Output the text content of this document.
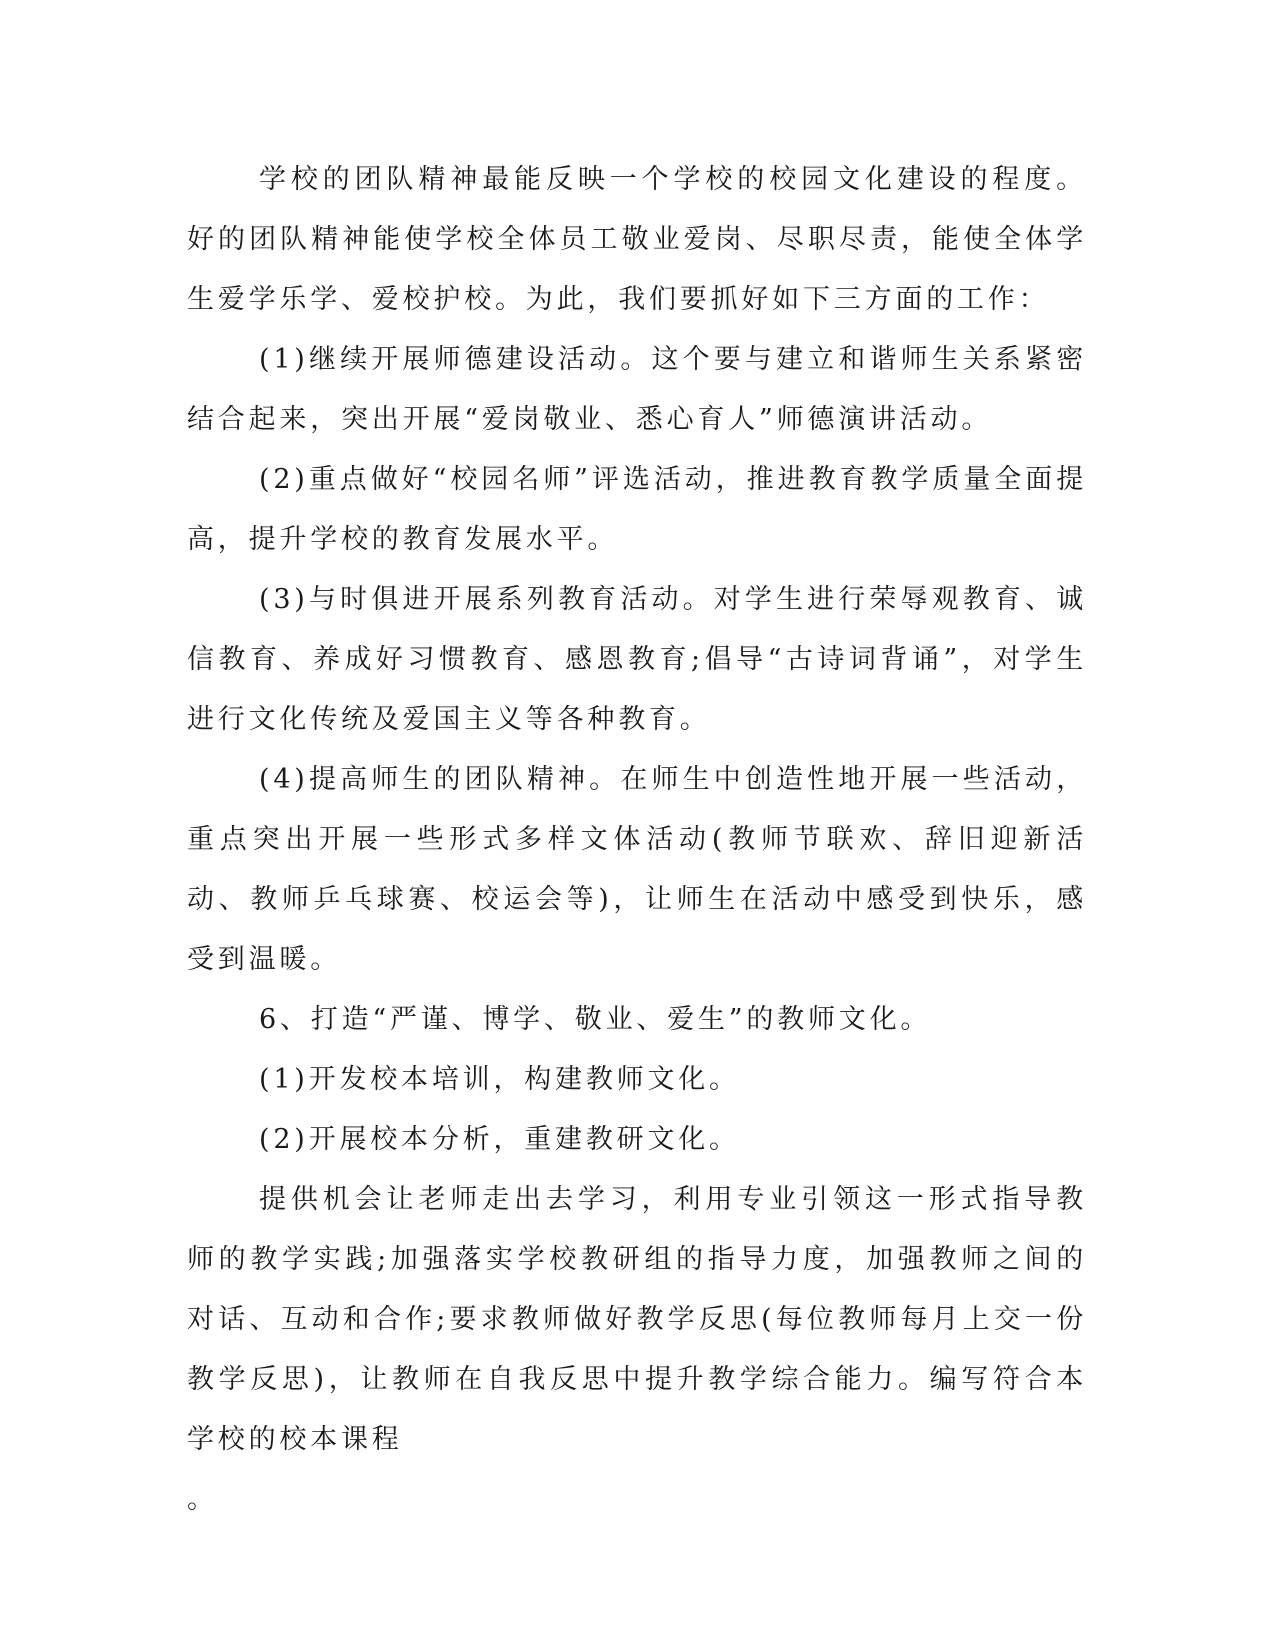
学校的团队精神最能反映一个学校的校园文化建设的程度。好的团队精神能使学校全体员工敬业爱岗、尽职尽责，能使全体学生爱学乐学、爱校护校。为此，我们要抓好如下三方面的工作：

(1)继续开展师德建设活动。这个要与建立和谐师生关系紧密结合起来，突出开展“爱岗敬业、悉心育人”师德演讲活动。

(2)重点做好“校园名师”评选活动，推进教育教学质量全面提高，提升学校的教育发展水平。

(3)与时俱进开展系列教育活动。对学生进行荣辱观教育、诚信教育、养成好习惯教育、感恩教育;倡导“古诗词背诵”，对学生进行文化传统及爱国主义等各种教育。

(4)提高师生的团队精神。在师生中创造性地开展一些活动，重点突出开展一些形式多样文体活动(教师节联欢、辞旧迎新活动、教师乒乓球赛、校运会等)，让师生在活动中感受到快乐，感受到温暖。

6、打造“严谨、博学、敬业、爱生”的教师文化。

(1)开发校本培训，构建教师文化。

(2)开展校本分析，重建教研文化。

提供机会让老师走出去学习，利用专业引领这一形式指导教师的教学实践;加强落实学校教研组的指导力度，加强教师之间的对话、互动和合作;要求教师做好教学反思(每位教师每月上交一份教学反思)，让教师在自我反思中提升教学综合能力。编写符合本学校的校本课程

。
